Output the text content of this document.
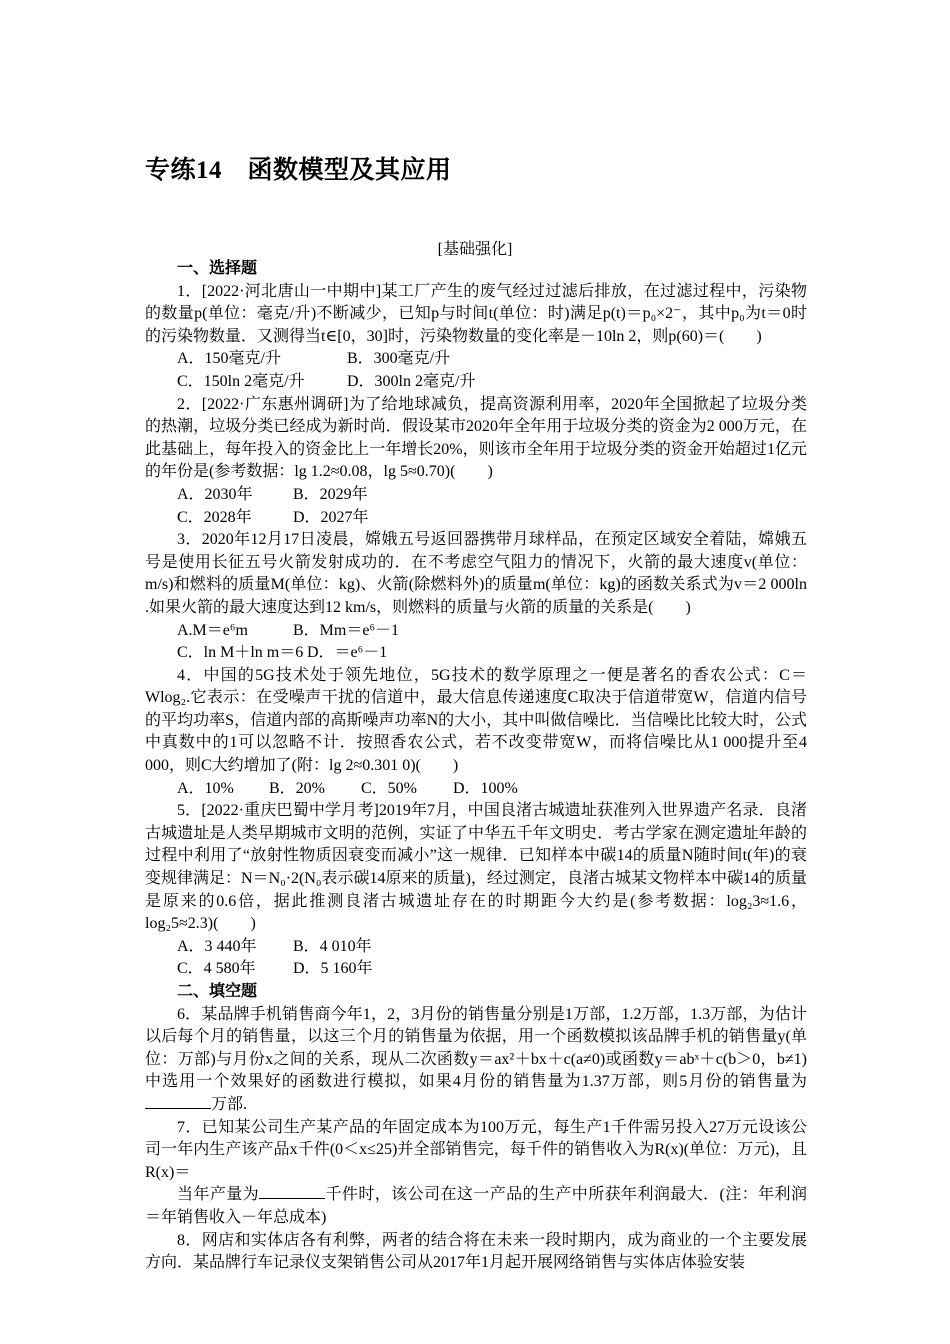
专练14　函数模型及其应用
[基础强化]

一、选择题

1．[2022·河北唐山一中期中]某工厂产生的废气经过过滤后排放，在过滤过程中，污染物的数量p(单位：毫克/升)不断减少，已知p与时间t(单位：时)满足p(t)＝p₀×2⁻，其中p₀为t＝0时的污染物数量．又测得当t∈[0，30]时，污染物数量的变化率是－10ln 2，则p(60)＝(　　)

A．150毫克/升	B．300毫克/升

C．150ln 2毫克/升	D．300ln 2毫克/升

2．[2022·广东惠州调研]为了给地球减负，提高资源利用率，2020年全国掀起了垃圾分类的热潮，垃圾分类已经成为新时尚．假设某市2020年全年用于垃圾分类的资金为2 000万元，在此基础上，每年投入的资金比上一年增长20%，则该市全年用于垃圾分类的资金开始超过1亿元的年份是(参考数据：lg 1.2≈0.08，lg 5≈0.70)(　　)

A．2030年	B．2029年

C．2028年	D．2027年

3．2020年12月17日凌晨，嫦娥五号返回器携带月球样品，在预定区域安全着陆，嫦娥五号是使用长征五号火箭发射成功的．在不考虑空气阻力的情况下，火箭的最大速度v(单位：m/s)和燃料的质量M(单位：kg)、火箭(除燃料外)的质量m(单位：kg)的函数关系式为v＝2 000ln .如果火箭的最大速度达到12 km/s，则燃料的质量与火箭的质量的关系是(　　)

A.M＝e⁶m	B．Mm＝e⁶－1

C．ln M＋ln m＝6 D．＝e⁶－1

4．中国的5G技术处于领先地位，5G技术的数学原理之一便是著名的香农公式：C＝Wlog₂.它表示：在受噪声干扰的信道中，最大信息传递速度C取决于信道带宽W，信道内信号的平均功率S，信道内部的高斯噪声功率N的大小，其中叫做信噪比．当信噪比比较大时，公式中真数中的1可以忽略不计．按照香农公式，若不改变带宽W，而将信噪比从1 000提升至4 000，则C大约增加了(附：lg 2≈0.301 0)(　　)

A．10% B．20% C．50% D．100%

5．[2022·重庆巴蜀中学月考]2019年7月，中国良渚古城遗址获准列入世界遗产名录．良渚古城遗址是人类早期城市文明的范例，实证了中华五千年文明史．考古学家在测定遗址年龄的过程中利用了“放射性物质因衰变而减小”这一规律．已知样本中碳14的质量N随时间t(年)的衰变规律满足：N＝N₀·2(N₀表示碳14原来的质量)，经过测定，良渚古城某文物样本中碳14的质量是原来的0.6倍，据此推测良渚古城遗址存在的时期距今大约是(参考数据：log₂3≈1.6，log₂5≈2.3)(　　)

A．3 440年 B．4 010年

C．4 580年 D．5 160年

二、填空题

6．某品牌手机销售商今年1，2，3月份的销售量分别是1万部，1.2万部，1.3万部，为估计以后每个月的销售量，以这三个月的销售量为依据，用一个函数模拟该品牌手机的销售量y(单位：万部)与月份x之间的关系，现从二次函数y＝ax²＋bx＋c(a≠0)或函数y＝abˣ＋c(b＞0，b≠1)中选用一个效果好的函数进行模拟，如果4月份的销售量为1.37万部，则5月份的销售量为万部.

7．已知某公司生产某产品的年固定成本为100万元，每生产1千件需另投入27万元设该公司一年内生产该产品x千件(0＜x≤25)并全部销售完，每千件的销售收入为R(x)(单位：万元)，且R(x)＝

当年产量为	千件时，该公司在这一产品的生产中所获年利润最大．(注：年利润＝年销售收入－年总成本)

8．网店和实体店各有利弊，两者的结合将在未来一段时期内，成为商业的一个主要发展方向．某品牌行车记录仪支架销售公司从2017年1月起开展网络销售与实体店体验安装
